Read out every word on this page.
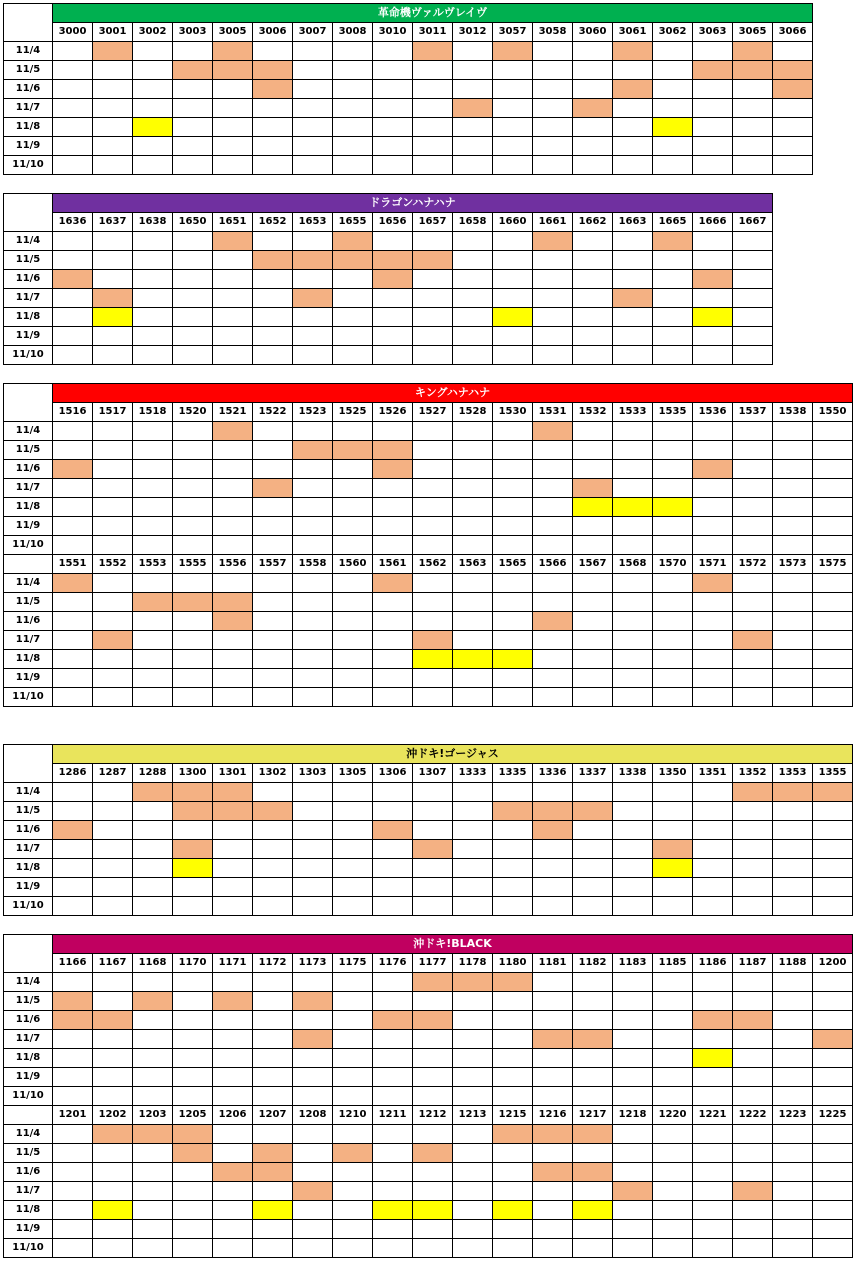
	革命機ヴァルヴレイヴ																		
	3000	3001	3002	3003	3005	3006	3007	3008	3010	3011	3012	3057	3058	3060	3061	3062	3063	3065	3066
11/4																			
11/5																			
11/6																			
11/7																			
11/8																			
11/9																			
11/10																			
	ドラゴンハナハナ																	
	1636	1637	1638	1650	1651	1652	1653	1655	1656	1657	1658	1660	1661	1662	1663	1665	1666	1667
11/4																		
11/5																		
11/6																		
11/7																		
11/8																		
11/9																		
11/10																		
	キングハナハナ																			
	1516	1517	1518	1520	1521	1522	1523	1525	1526	1527	1528	1530	1531	1532	1533	1535	1536	1537	1538	1550
11/4																				
11/5																				
11/6																				
11/7																				
11/8																				
11/9																				
11/10																				
	1551	1552	1553	1555	1556	1557	1558	1560	1561	1562	1563	1565	1566	1567	1568	1570	1571	1572	1573	1575
11/4																				
11/5																				
11/6																				
11/7																				
11/8																				
11/9																				
11/10																				
	沖ドキ!ゴージャス																			
	1286	1287	1288	1300	1301	1302	1303	1305	1306	1307	1333	1335	1336	1337	1338	1350	1351	1352	1353	1355
11/4																				
11/5																				
11/6																				
11/7																				
11/8																				
11/9																				
11/10																				
	沖ドキ!BLACK																			
	1166	1167	1168	1170	1171	1172	1173	1175	1176	1177	1178	1180	1181	1182	1183	1185	1186	1187	1188	1200
11/4																				
11/5																				
11/6																				
11/7																				
11/8																				
11/9																				
11/10																				
	1201	1202	1203	1205	1206	1207	1208	1210	1211	1212	1213	1215	1216	1217	1218	1220	1221	1222	1223	1225
11/4																				
11/5																				
11/6																				
11/7																				
11/8																				
11/9																				
11/10																				
